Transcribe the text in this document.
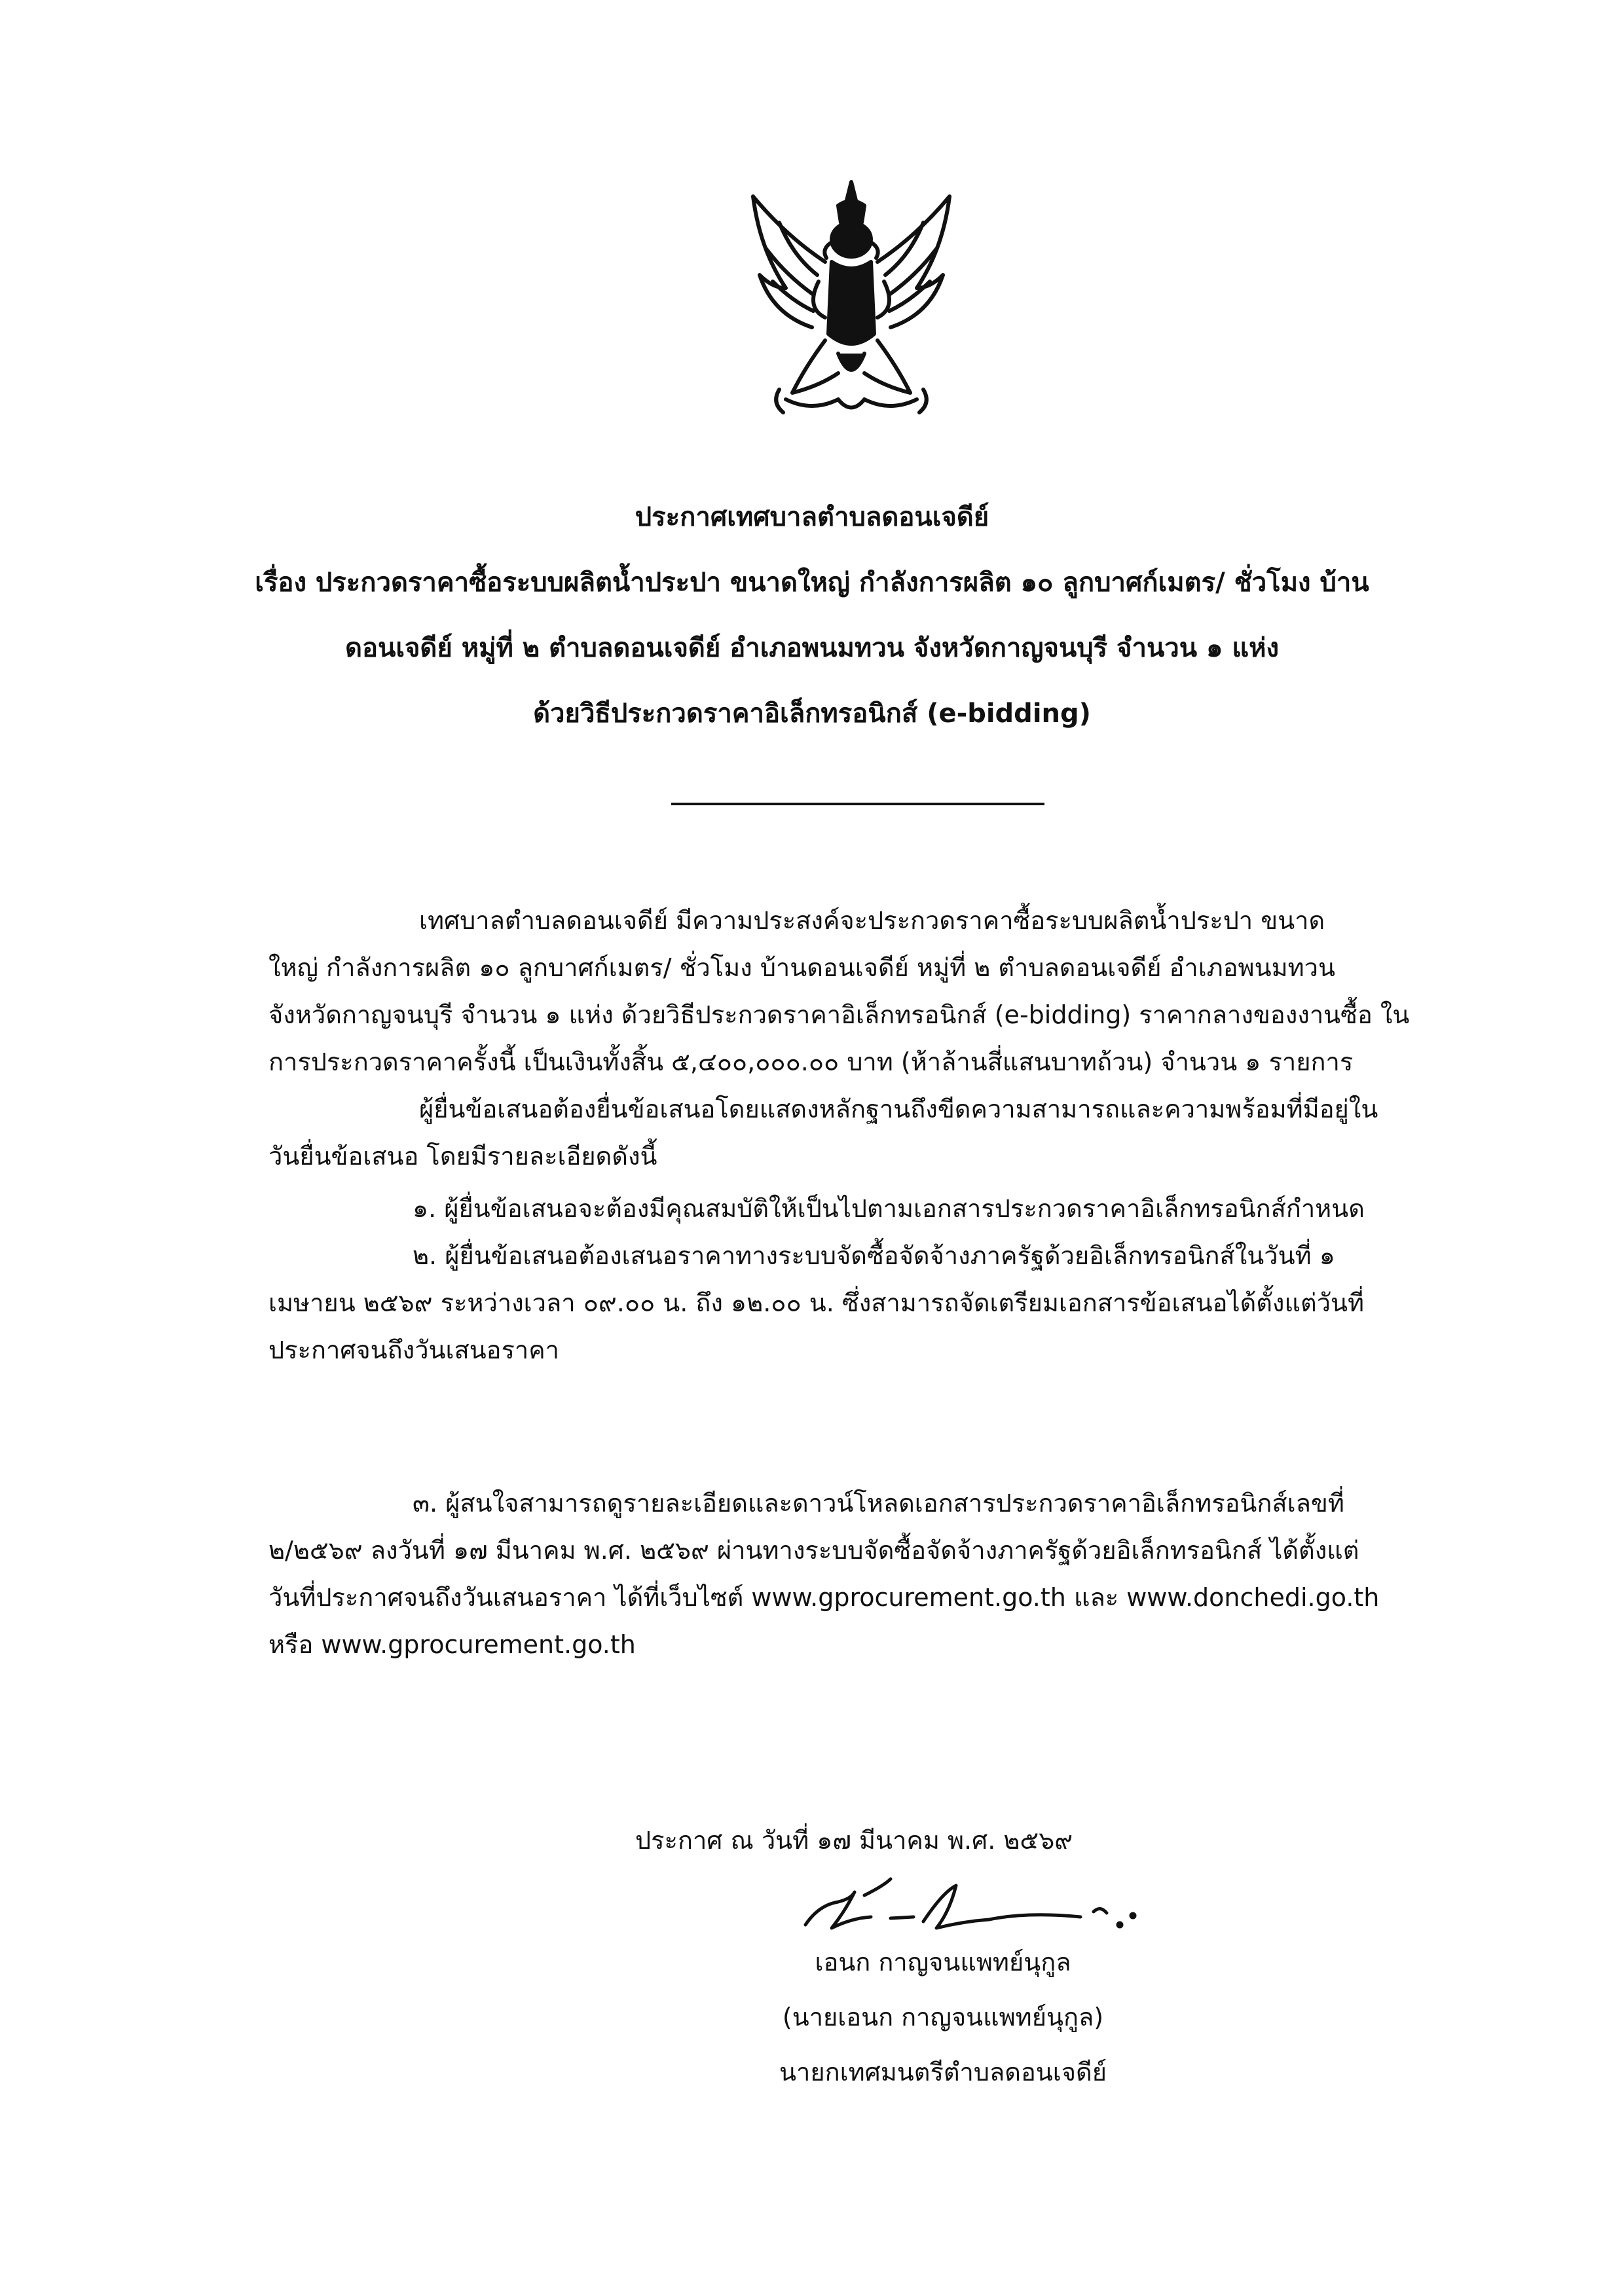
ประกาศเทศบาลตำบลดอนเจดีย์
เรื่อง ประกวดราคาซื้อระบบผลิตน้ำประปา ขนาดใหญ่ กำลังการผลิต ๑๐ ลูกบาศก์เมตร/ ชั่วโมง บ้าน
ดอนเจดีย์ หมู่ที่ ๒ ตำบลดอนเจดีย์ อำเภอพนมทวน จังหวัดกาญจนบุรี จำนวน ๑ แห่ง
ด้วยวิธีประกวดราคาอิเล็กทรอนิกส์ (e-bidding)
เทศบาลตำบลดอนเจดีย์ มีความประสงค์จะประกวดราคาซื้อระบบผลิตน้ำประปา ขนาด
ใหญ่ กำลังการผลิต ๑๐ ลูกบาศก์เมตร/ ชั่วโมง บ้านดอนเจดีย์ หมู่ที่ ๒ ตำบลดอนเจดีย์ อำเภอพนมทวน
จังหวัดกาญจนบุรี จำนวน ๑ แห่ง ด้วยวิธีประกวดราคาอิเล็กทรอนิกส์ (e-bidding) ราคากลางของงานซื้อ ใน
การประกวดราคาครั้งนี้ เป็นเงินทั้งสิ้น ๕,๔๐๐,๐๐๐.๐๐ บาท (ห้าล้านสี่แสนบาทถ้วน) จำนวน ๑ รายการ
ผู้ยื่นข้อเสนอต้องยื่นข้อเสนอโดยแสดงหลักฐานถึงขีดความสามารถและความพร้อมที่มีอยู่ใน
วันยื่นข้อเสนอ โดยมีรายละเอียดดังนี้
๑. ผู้ยื่นข้อเสนอจะต้องมีคุณสมบัติให้เป็นไปตามเอกสารประกวดราคาอิเล็กทรอนิกส์กำหนด
๒. ผู้ยื่นข้อเสนอต้องเสนอราคาทางระบบจัดซื้อจัดจ้างภาครัฐด้วยอิเล็กทรอนิกส์ในวันที่ ๑
เมษายน ๒๕๖๙ ระหว่างเวลา ๐๙.๐๐ น. ถึง ๑๒.๐๐ น. ซึ่งสามารถจัดเตรียมเอกสารข้อเสนอได้ตั้งแต่วันที่
ประกาศจนถึงวันเสนอราคา
๓. ผู้สนใจสามารถดูรายละเอียดและดาวน์โหลดเอกสารประกวดราคาอิเล็กทรอนิกส์เลขที่
๒/๒๕๖๙ ลงวันที่ ๑๗ มีนาคม พ.ศ. ๒๕๖๙ ผ่านทางระบบจัดซื้อจัดจ้างภาครัฐด้วยอิเล็กทรอนิกส์ ได้ตั้งแต่
วันที่ประกาศจนถึงวันเสนอราคา ได้ที่เว็บไซต์ www.gprocurement.go.th และ www.donchedi.go.th
หรือ www.gprocurement.go.th
ประกาศ ณ วันที่ ๑๗ มีนาคม พ.ศ. ๒๕๖๙
เอนก กาญจนแพทย์นุกูล
(นายเอนก กาญจนแพทย์นุกูล)
นายกเทศมนตรีตำบลดอนเจดีย์
